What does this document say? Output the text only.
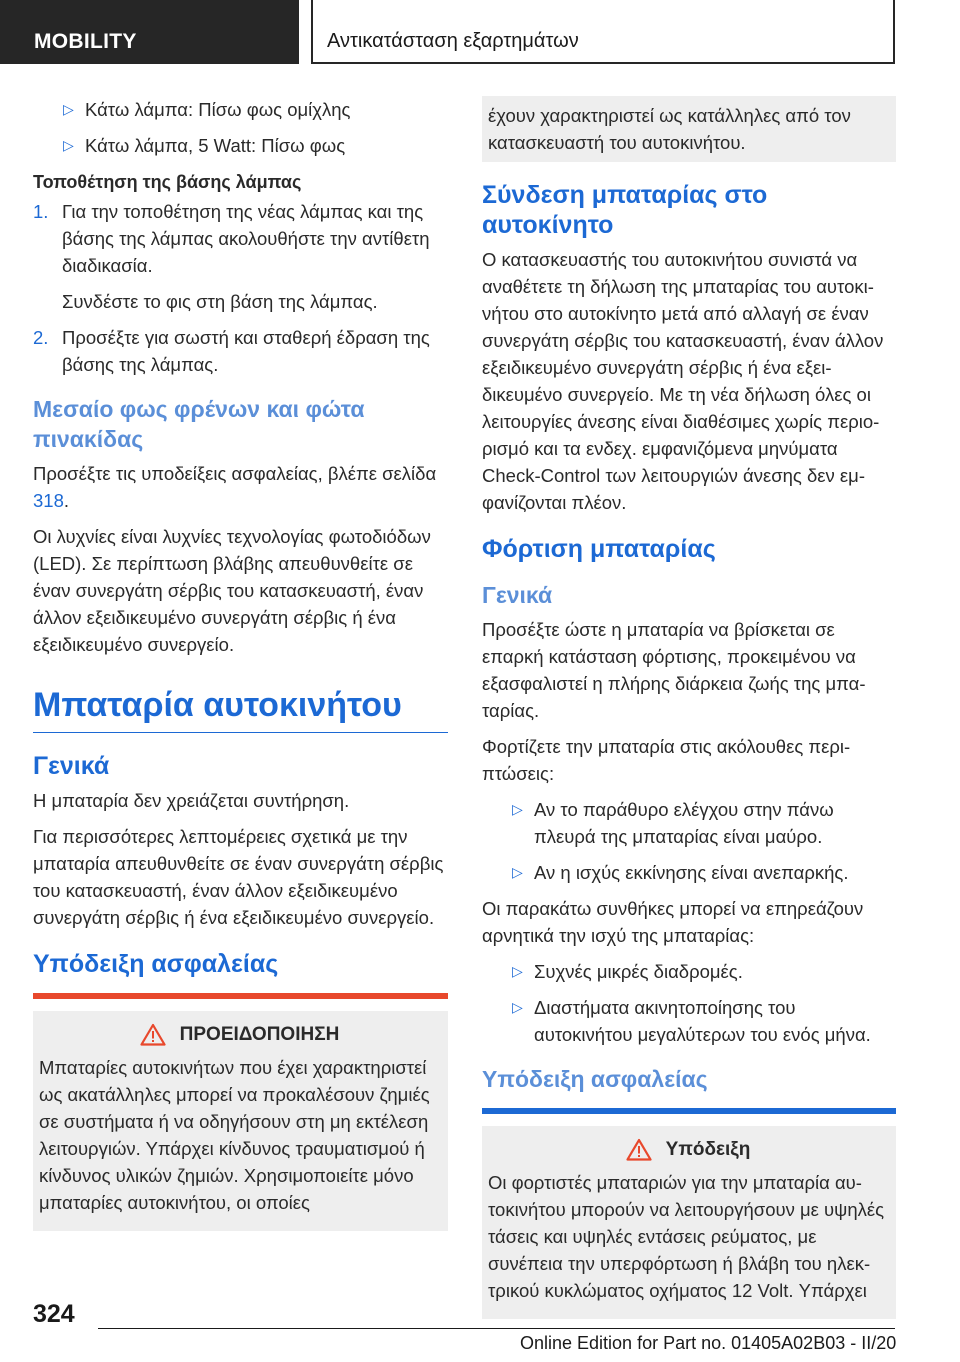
MOBILITY	Αντικατάσταση εξαρτημάτων
▷ Κάτω λάμπα: Πίσω φως ομίχλης
▷ Κάτω λάμπα, 5 Watt: Πίσω φως
Τοποθέτηση της βάσης λάμπας
1. Για την τοποθέτηση της νέας λάμπας και της βάσης της λάμπας ακολουθήστε την αντίθετη διαδικασία.
Συνδέστε το φις στη βάση της λάμπας.
2. Προσέξτε για σωστή και σταθερή έδραση της βάσης της λάμπας.
Μεσαίο φως φρένων και φώτα πινακίδας

Προσέξτε τις υποδείξεις ασφαλείας, βλέπε σελίδα 318.

Οι λυχνίες είναι λυχνίες τεχνολογίας φωτοδιόδων (LED). Σε περίπτωση βλάβης απευθυνθείτε σε έναν συνεργάτη σέρβις του κατασκευαστή, έναν άλλον εξειδικευμένο συνεργάτη σέρβις ή ένα εξειδικευμένο συνεργείο.

Μπαταρία αυτοκινήτου
Γενικά

Η μπαταρία δεν χρειάζεται συντήρηση.

Για περισσότερες λεπτομέρειες σχετικά με την μπαταρία απευθυνθείτε σε έναν συνεργάτη σέρβις του κατασκευαστή, έναν άλλον εξειδικευμένο συνεργάτη σέρβις ή ένα εξειδικευμένο συνεργείο.

Υπόδειξη ασφαλείας
ΠΡΟΕΙΔΟΠΟΙΗΣΗ

Μπαταρίες αυτοκινήτων που έχει χαρακτηριστεί ως ακατάλληλες μπορεί να προκαλέσουν ζημιές σε συστήματα ή να οδηγήσουν στη μη εκτέλεση λειτουργιών. Υπάρχει κίνδυνος τραυματισμού ή κίνδυνος υλικών ζημιών. Χρησιμοποιείτε μόνο μπαταρίες αυτοκινήτου, οι οποίες

έχουν χαρακτηριστεί ως κατάλληλες από τον κατασκευαστή του αυτοκινήτου.

Σύνδεση μπαταρίας στο αυτοκίνητο

Ο κατασκευαστής του αυτοκινήτου συνιστά να αναθέτετε τη δήλωση της μπαταρίας του αυτοκινήτου στο αυτοκίνητο μετά από αλλαγή σε έναν συνεργάτη σέρβις του κατασκευαστή, έναν άλλον εξειδικευμένο συνεργάτη σέρβις ή ένα εξειδικευμένο συνεργείο. Με τη νέα δήλωση όλες οι λειτουργίες άνεσης είναι διαθέσιμες χωρίς περιορισμό και τα ενδεχ. εμφανιζόμενα μηνύματα Check-Control των λειτουργιών άνεσης δεν εμφανίζονται πλέον.

Φόρτιση μπαταρίας
Γενικά

Προσέξτε ώστε η μπαταρία να βρίσκεται σε επαρκή κατάσταση φόρτισης, προκειμένου να εξασφαλιστεί η πλήρης διάρκεια ζωής της μπαταρίας.

Φορτίζετε την μπαταρία στις ακόλουθες περιπτώσεις:

▷ Αν το παράθυρο ελέγχου στην πάνω πλευρά της μπαταρίας είναι μαύρο.
▷ Αν η ισχύς εκκίνησης είναι ανεπαρκής.

Οι παρακάτω συνθήκες μπορεί να επηρεάζουν αρνητικά την ισχύ της μπαταρίας:

▷ Συχνές μικρές διαδρομές.
▷ Διαστήματα ακινητοποίησης του αυτοκινήτου μεγαλύτερων του ενός μήνα.
Υπόδειξη ασφαλείας
Υπόδειξη

Οι φορτιστές μπαταριών για την μπαταρία αυτοκινήτου μπορούν να λειτουργήσουν με υψηλές τάσεις και υψηλές εντάσεις ρεύματος, με συνέπεια την υπερφόρτωση ή βλάβη του ηλεκτρικού κυκλώματος οχήματος 12 Volt. Υπάρχει

324
Online Edition for Part no. 01405A02B03 - II/20
